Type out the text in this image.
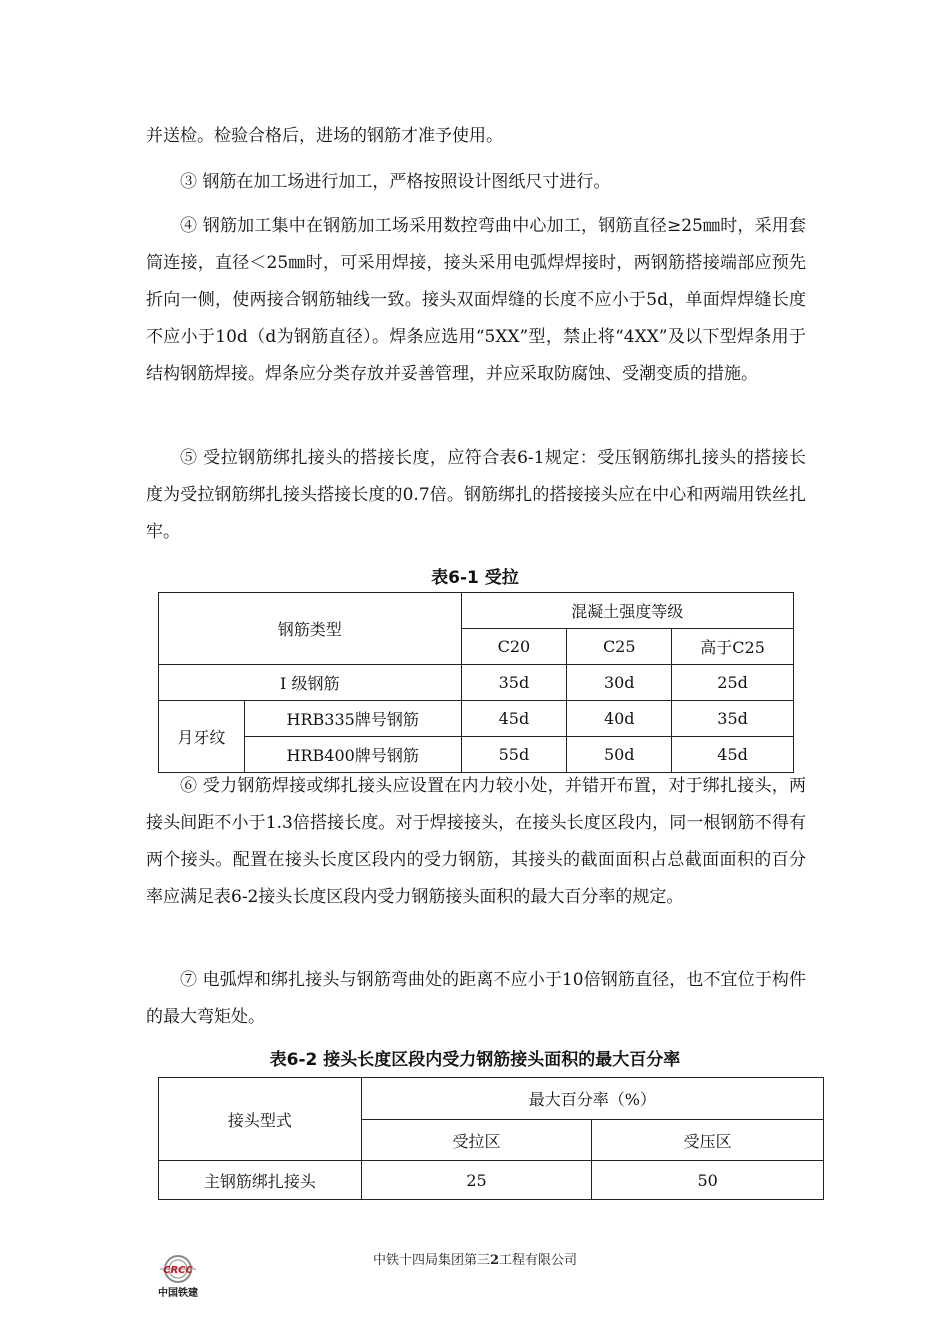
并送检。检验合格后，进场的钢筋才准予使用。

③ 钢筋在加工场进行加工，严格按照设计图纸尺寸进行。

④ 钢筋加工集中在钢筋加工场采用数控弯曲中心加工，钢筋直径≥25㎜时，采用套筒连接，直径＜25㎜时，可采用焊接，接头采用电弧焊焊接时，两钢筋搭接端部应预先折向一侧，使两接合钢筋轴线一致。接头双面焊缝的长度不应小于5d，单面焊焊缝长度不应小于10d（d为钢筋直径）。焊条应选用“5XX”型，禁止将“4XX”及以下型焊条用于结构钢筋焊接。焊条应分类存放并妥善管理，并应采取防腐蚀、受潮变质的措施。

⑤ 受拉钢筋绑扎接头的搭接长度，应符合表6-1规定：受压钢筋绑扎接头的搭接长度为受拉钢筋绑扎接头搭接长度的0.7倍。钢筋绑扎的搭接接头应在中心和两端用铁丝扎牢。

表6-1 受拉
钢筋类型		混凝土强度等级		
		C20	C25	高于C25
Ⅰ 级钢筋		35d	30d	25d
月牙纹	HRB335牌号钢筋	45d	40d	35d
	HRB400牌号钢筋	55d	50d	45d

⑥ 受力钢筋焊接或绑扎接头应设置在内力较小处，并错开布置，对于绑扎接头，两接头间距不小于1.3倍搭接长度。对于焊接接头，在接头长度区段内，同一根钢筋不得有两个接头。配置在接头长度区段内的受力钢筋，其接头的截面面积占总截面面积的百分率应满足表6-2接头长度区段内受力钢筋接头面积的最大百分率的规定。

⑦ 电弧焊和绑扎接头与钢筋弯曲处的距离不应小于10倍钢筋直径，也不宜位于构件的最大弯矩处。

表6-2 接头长度区段内受力钢筋接头面积的最大百分率
接头型式	最大百分率（%）	
	受拉区	受压区
主钢筋绑扎接头	25	50
CRCC
中国铁建
中铁十四局集团第三2工程有限公司
